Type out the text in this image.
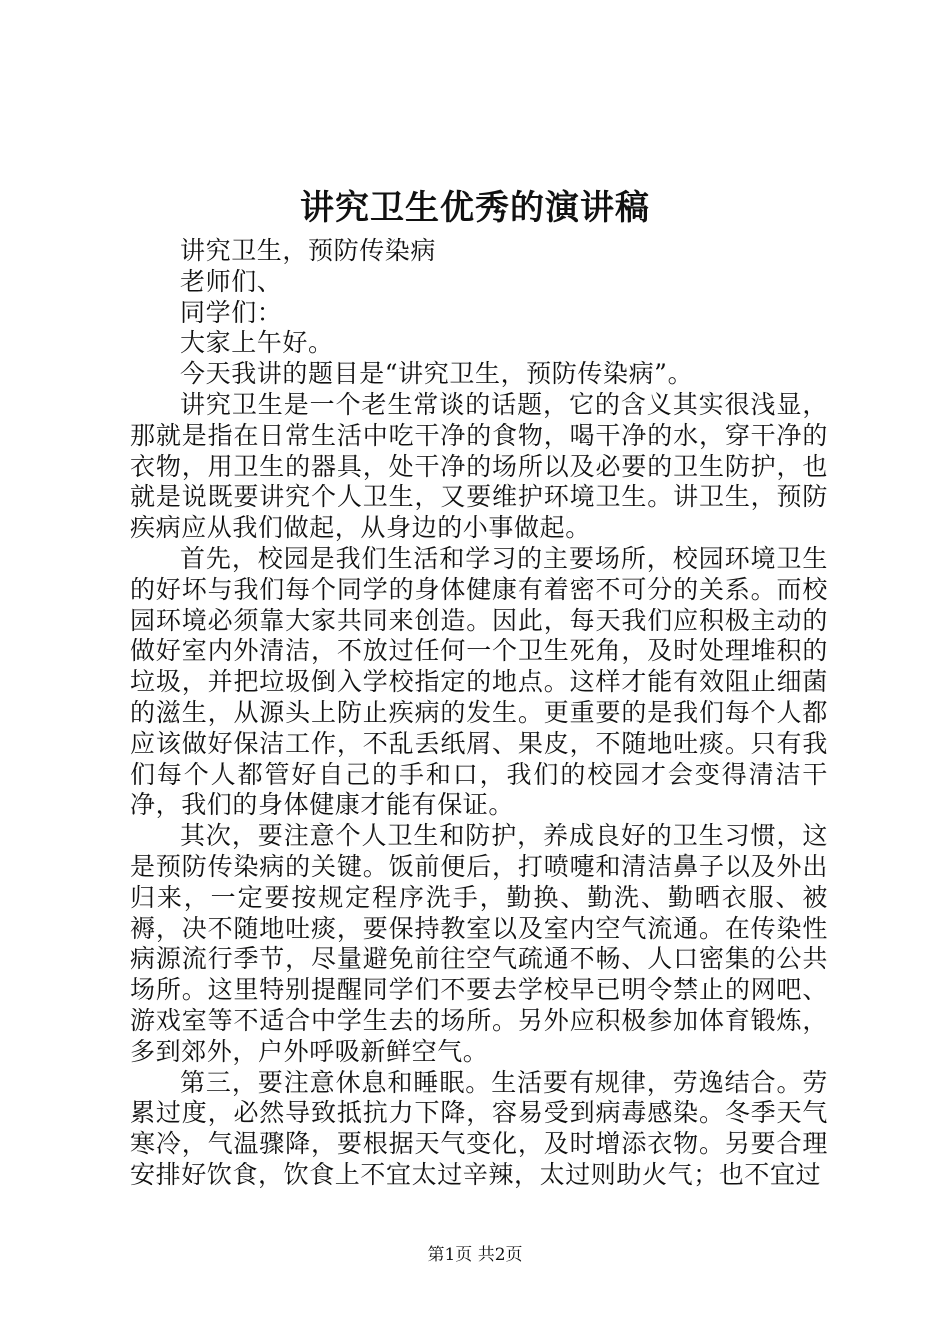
讲究卫生优秀的演讲稿

讲究卫生，预防传染病

老师们、

同学们：

大家上午好。

今天我讲的题目是“讲究卫生，预防传染病”。

讲究卫生是一个老生常谈的话题，它的含义其实很浅显，那就是指在日常生活中吃干净的食物，喝干净的水，穿干净的衣物，用卫生的器具，处干净的场所以及必要的卫生防护，也就是说既要讲究个人卫生，又要维护环境卫生。讲卫生，预防疾病应从我们做起，从身边的小事做起。

首先，校园是我们生活和学习的主要场所，校园环境卫生的好坏与我们每个同学的身体健康有着密不可分的关系。而校园环境必须靠大家共同来创造。因此，每天我们应积极主动的做好室内外清洁，不放过任何一个卫生死角，及时处理堆积的垃圾，并把垃圾倒入学校指定的地点。这样才能有效阻止细菌的滋生，从源头上防止疾病的发生。更重要的是我们每个人都应该做好保洁工作，不乱丢纸屑、果皮，不随地吐痰。只有我们每个人都管好自己的手和口，我们的校园才会变得清洁干净，我们的身体健康才能有保证。

其次，要注意个人卫生和防护，养成良好的卫生习惯，这是预防传染病的关键。饭前便后，打喷嚏和清洁鼻子以及外出归来，一定要按规定程序洗手，勤换、勤洗、勤晒衣服、被褥，决不随地吐痰，要保持教室以及室内空气流通。在传染性病源流行季节，尽量避免前往空气疏通不畅、人口密集的公共场所。这里特别提醒同学们不要去学校早已明令禁止的网吧、游戏室等不适合中学生去的场所。另外应积极参加体育锻炼，多到郊外，户外呼吸新鲜空气。

第三，要注意休息和睡眠。生活要有规律，劳逸结合。劳累过度，必然导致抵抗力下降，容易受到病毒感染。冬季天气寒冷，气温骤降，要根据天气变化，及时增添衣物。另要合理安排好饮食，饮食上不宜太过辛辣，太过则助火气；也不宜过

第1页 共2页
